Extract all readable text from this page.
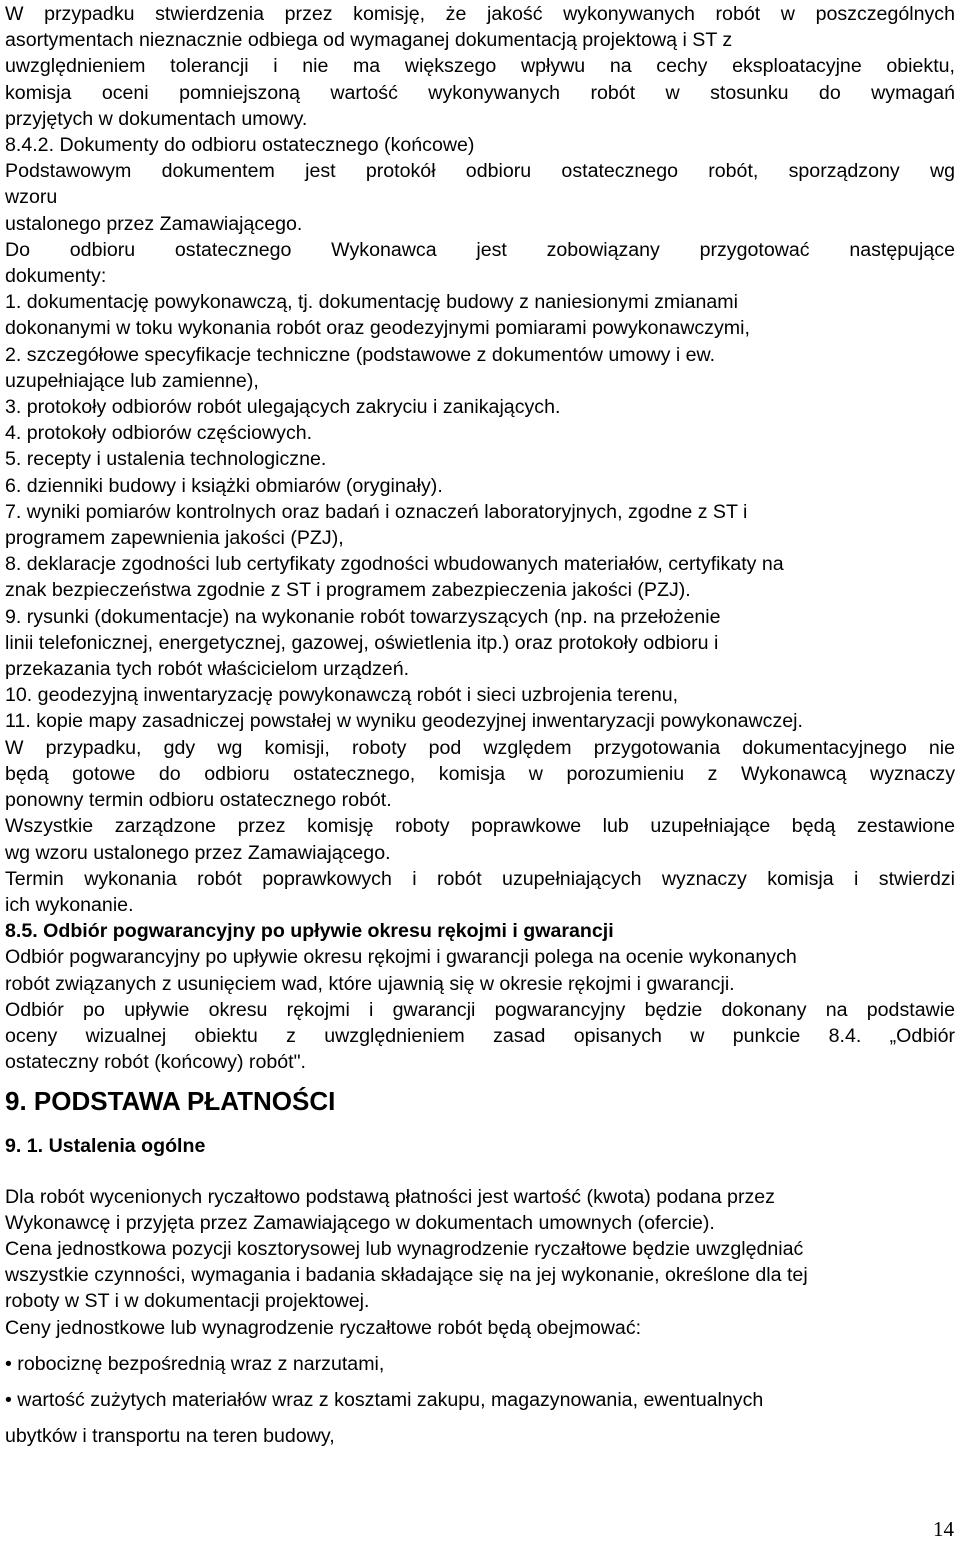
W przypadku stwierdzenia przez komisję, że jakość wykonywanych robót w poszczególnych

asortymentach nieznacznie odbiega od wymaganej dokumentacją projektową i ST z

uwzględnieniem tolerancji i nie ma większego wpływu na cechy eksploatacyjne obiektu,

komisja oceni pomniejszoną wartość wykonywanych robót w stosunku do wymagań

przyjętych w dokumentach umowy.

8.4.2. Dokumenty do odbioru ostatecznego (końcowe)

Podstawowym dokumentem jest protokół odbioru ostatecznego robót, sporządzony wg

wzoru

ustalonego przez Zamawiającego.

Do odbioru ostatecznego Wykonawca jest zobowiązany przygotować następujące

dokumenty:

1. dokumentację powykonawczą, tj. dokumentację budowy z naniesionymi zmianami

dokonanymi w toku wykonania robót oraz geodezyjnymi pomiarami powykonawczymi,

2. szczegółowe specyfikacje techniczne (podstawowe z dokumentów umowy i ew.

uzupełniające lub zamienne),

3. protokoły odbiorów robót ulegających zakryciu i zanikających.

4. protokoły odbiorów częściowych.

5. recepty i ustalenia technologiczne.

6. dzienniki budowy i książki obmiarów (oryginały).

7. wyniki pomiarów kontrolnych oraz badań i oznaczeń laboratoryjnych, zgodne z ST i

programem zapewnienia jakości (PZJ),

8. deklaracje zgodności lub certyfikaty zgodności wbudowanych materiałów, certyfikaty na

znak bezpieczeństwa zgodnie z ST i programem zabezpieczenia jakości (PZJ).

9. rysunki (dokumentacje) na wykonanie robót towarzyszących (np. na przełożenie

linii telefonicznej, energetycznej, gazowej, oświetlenia itp.) oraz protokoły odbioru i

przekazania tych robót właścicielom urządzeń.

10. geodezyjną inwentaryzację powykonawczą robót i sieci uzbrojenia terenu,

11. kopie mapy zasadniczej powstałej w wyniku geodezyjnej inwentaryzacji powykonawczej.

W przypadku, gdy wg komisji, roboty pod względem przygotowania dokumentacyjnego nie

będą gotowe do odbioru ostatecznego, komisja w porozumieniu z Wykonawcą wyznaczy

ponowny termin odbioru ostatecznego robót.

Wszystkie zarządzone przez komisję roboty poprawkowe lub uzupełniające będą zestawione

wg wzoru ustalonego przez Zamawiającego.

Termin wykonania robót poprawkowych i robót uzupełniających wyznaczy komisja i stwierdzi

ich wykonanie.

8.5. Odbiór pogwarancyjny po upływie okresu rękojmi i gwarancji

Odbiór pogwarancyjny po upływie okresu rękojmi i gwarancji polega na ocenie wykonanych

robót związanych z usunięciem wad, które ujawnią się w okresie rękojmi i gwarancji.

Odbiór po upływie okresu rękojmi i gwarancji pogwarancyjny będzie dokonany na podstawie

oceny wizualnej obiektu z uwzględnieniem zasad opisanych w punkcie 8.4. „Odbiór

ostateczny robót (końcowy) robót".

9. PODSTAWA PŁATNOŚCI

9. 1. Ustalenia ogólne

Dla robót wycenionych ryczałtowo podstawą płatności jest wartość (kwota) podana przez

Wykonawcę i przyjęta przez Zamawiającego w dokumentach umownych (ofercie).

Cena jednostkowa pozycji kosztorysowej lub wynagrodzenie ryczałtowe będzie uwzględniać

wszystkie czynności, wymagania i badania składające się na jej wykonanie, określone dla tej

roboty w ST i w dokumentacji projektowej.

Ceny jednostkowe lub wynagrodzenie ryczałtowe robót będą obejmować:

• robociznę bezpośrednią wraz z narzutami,

• wartość zużytych materiałów wraz z kosztami zakupu, magazynowania, ewentualnych

ubytków i transportu na teren budowy,

14
